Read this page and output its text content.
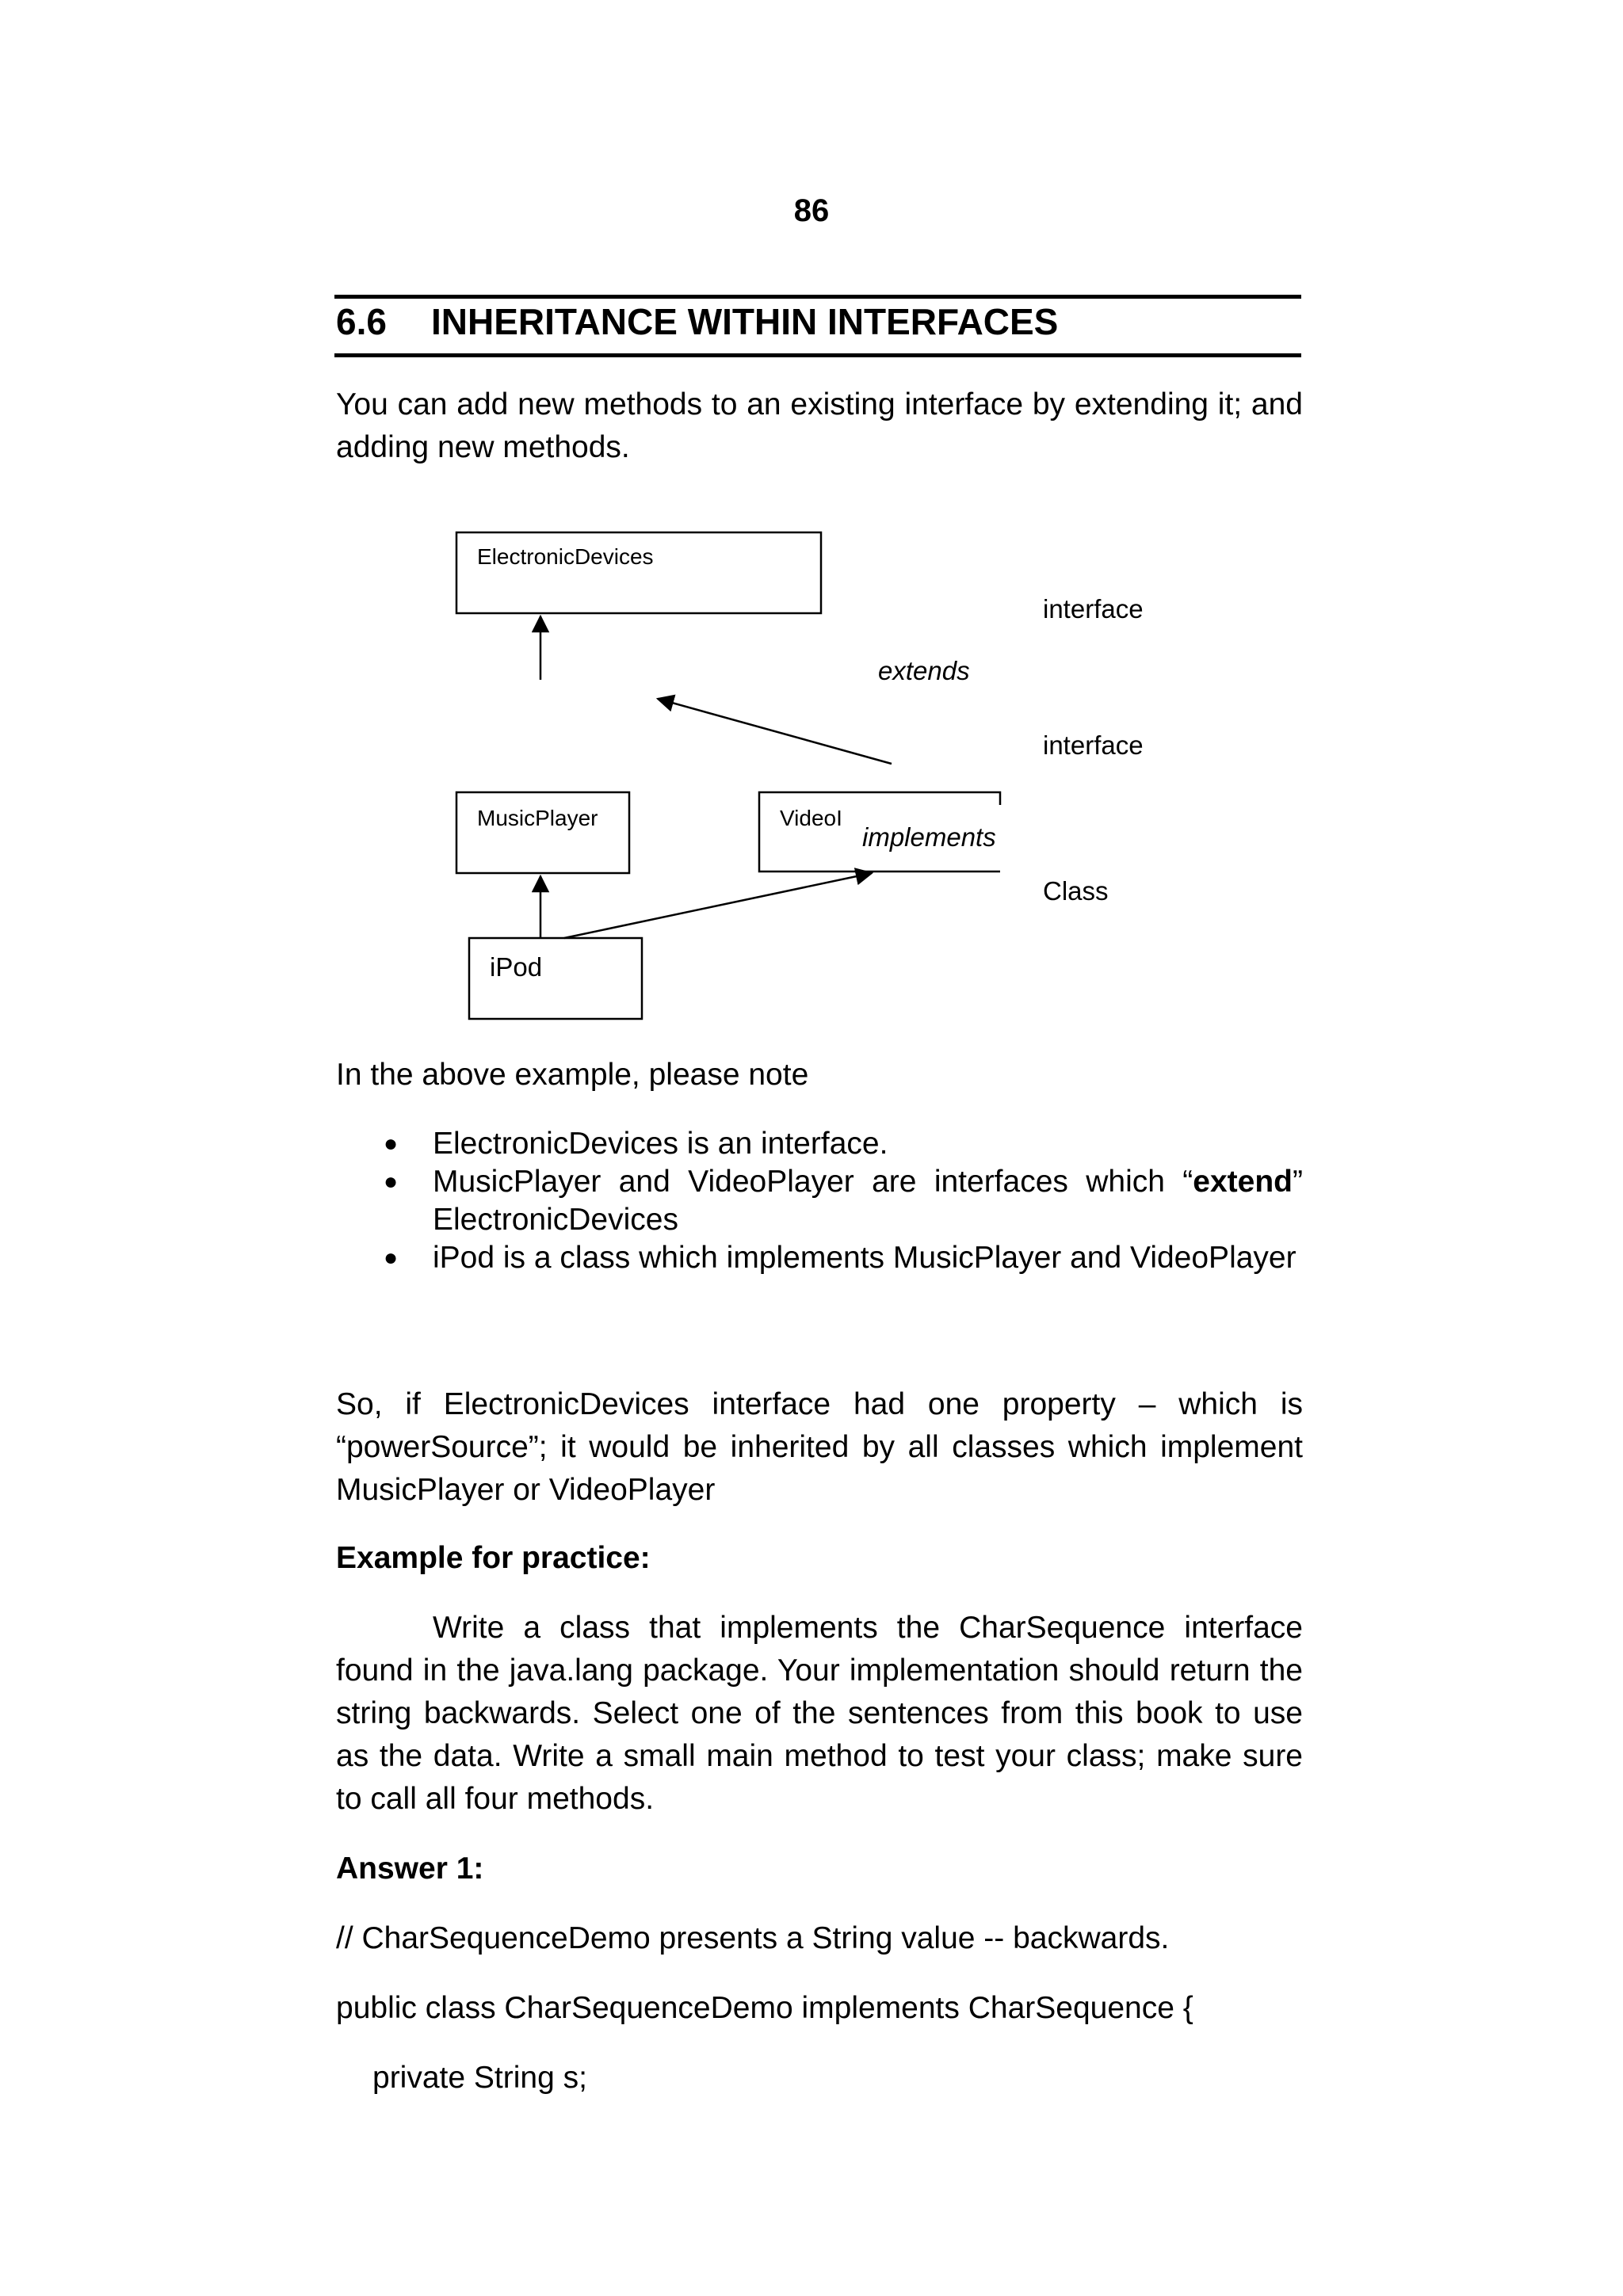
86
6.6 INHERITANCE WITHIN INTERFACES
You can add new methods to an existing interface by extending it; and adding new methods.
ElectronicDevices
extends
MusicPlayer	VideoI
implements
iPod
interface
interface
Class
In the above example, please note
● ElectronicDevices is an interface.
● MusicPlayer and VideoPlayer are interfaces which “extend” ElectronicDevices
● iPod is a class which implements MusicPlayer and VideoPlayer
So, if ElectronicDevices interface had one property – which is “powerSource”; it would be inherited by all classes which implement MusicPlayer or VideoPlayer
Example for practice:
Write a class that implements the CharSequence interface found in the java.lang package. Your implementation should return the string backwards. Select one of the sentences from this book to use as the data. Write a small main method to test your class; make sure to call all four methods.
Answer 1:
// CharSequenceDemo presents a String value -- backwards.
public class CharSequenceDemo implements CharSequence {
private String s;
